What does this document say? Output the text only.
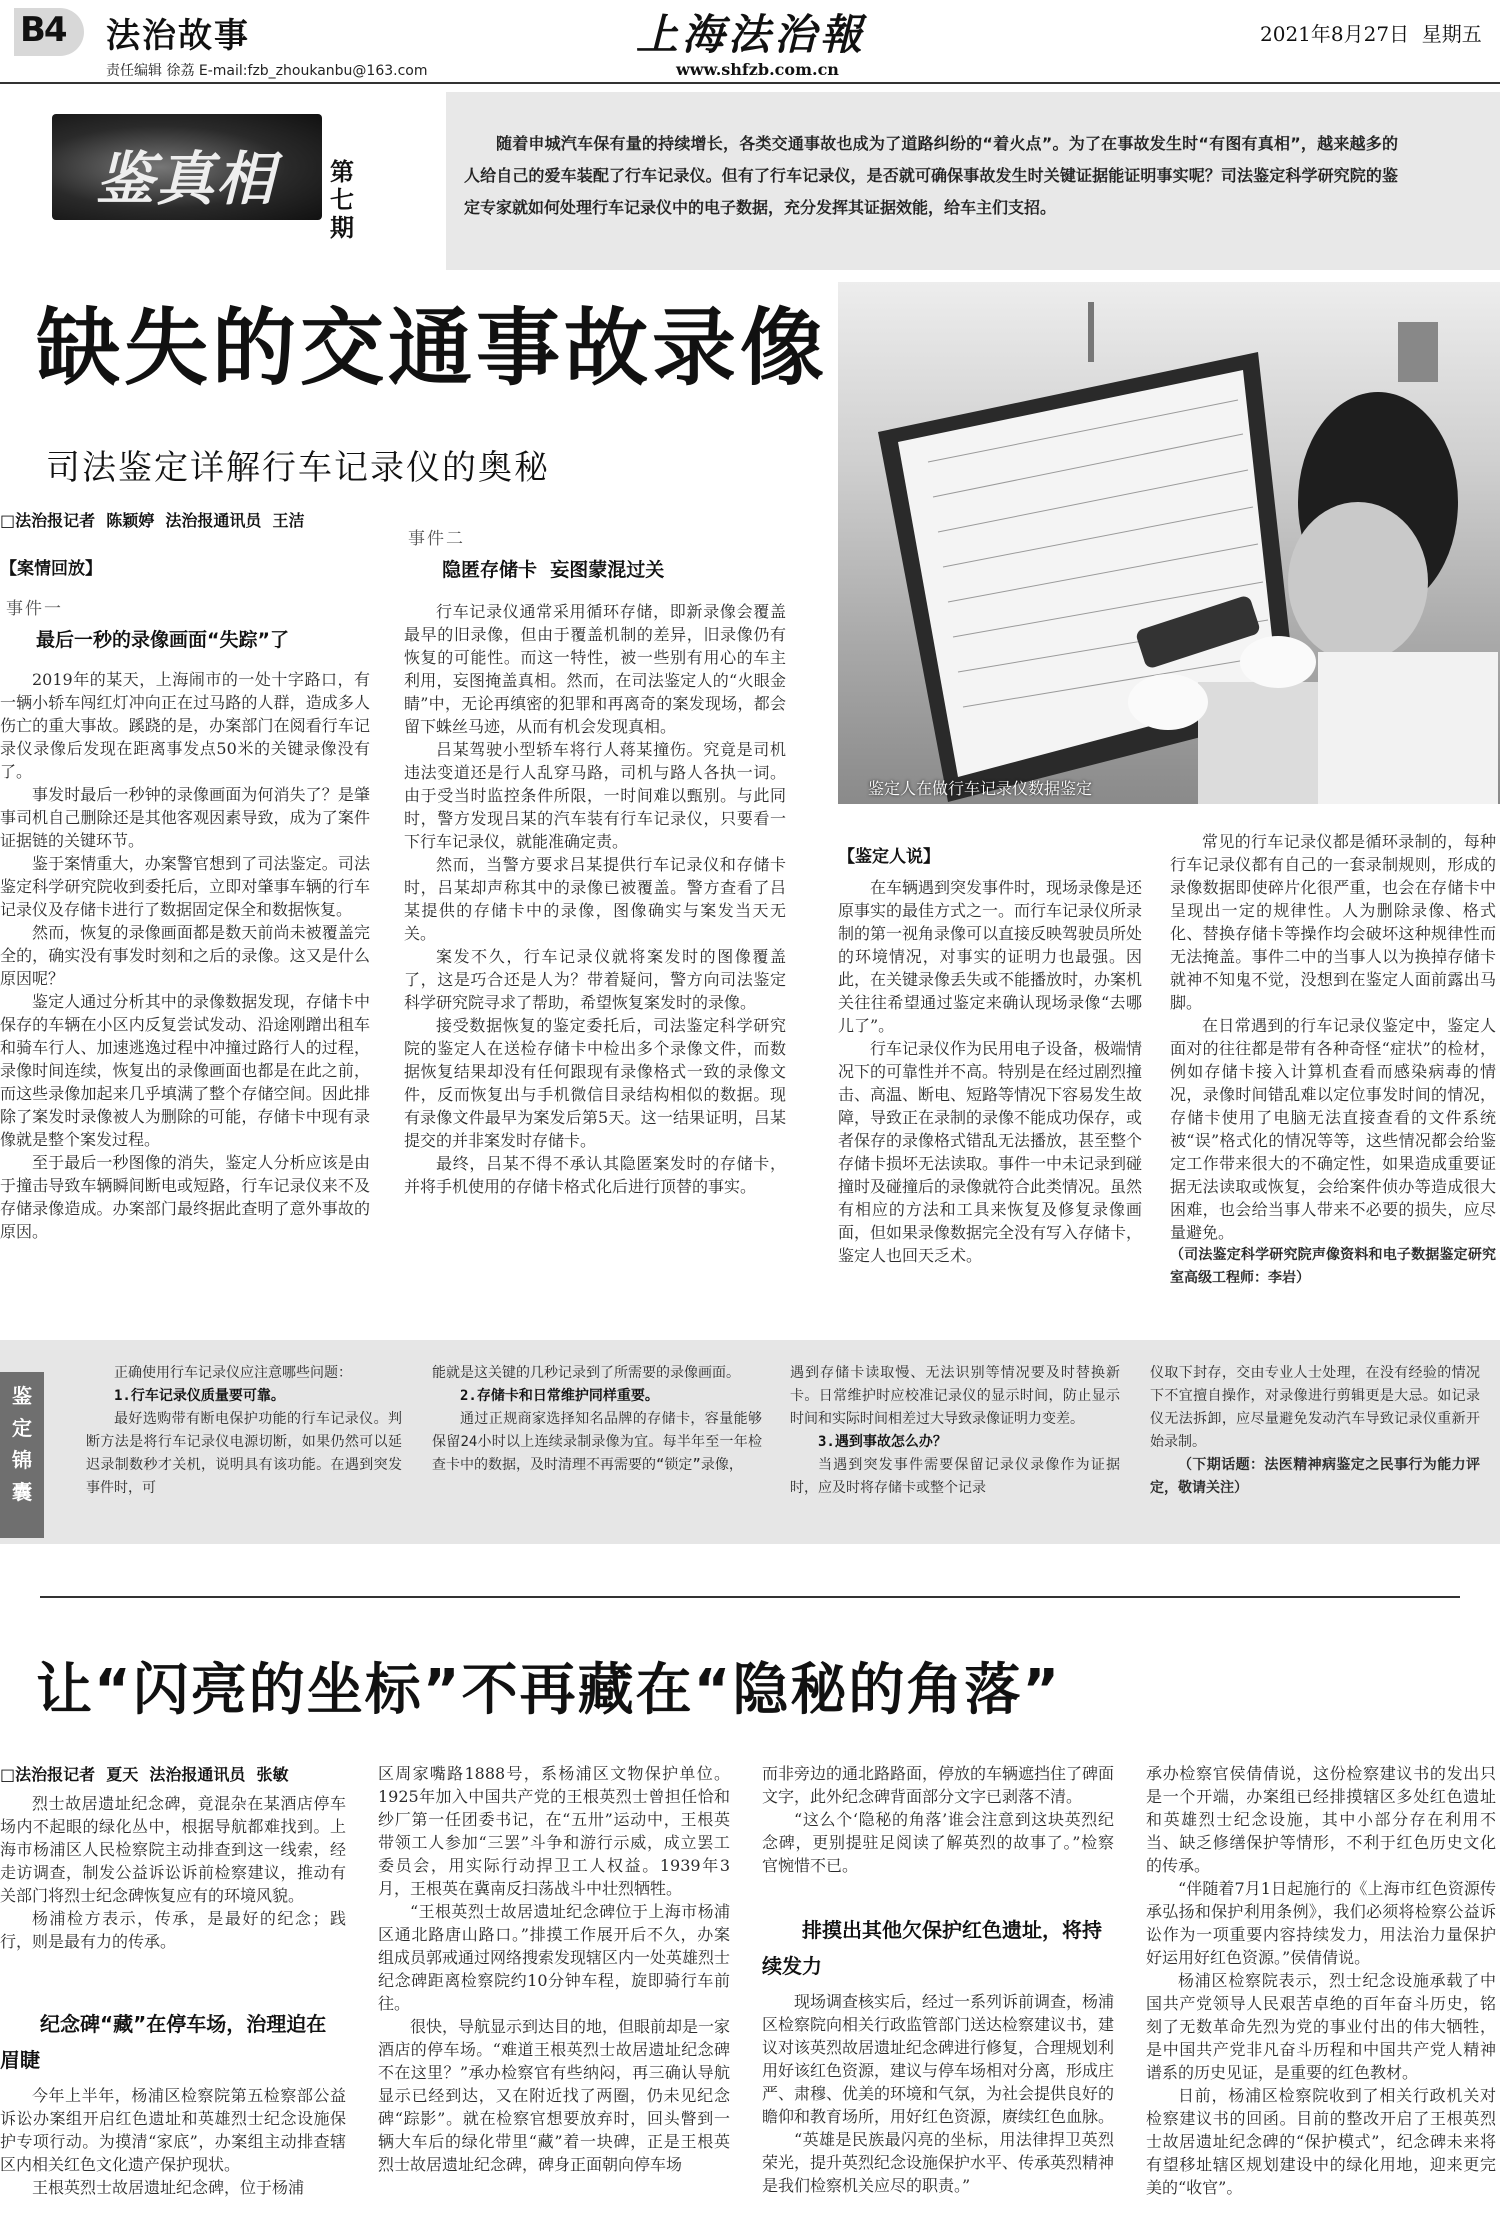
B4 法治故事
责任编辑 徐荔 E-mail:fzb_zhoukanbu@163.com
上海法治報
www.shfzb.com.cn
2021年8月27日  星期五
鉴真相 第七期
随着申城汽车保有量的持续增长，各类交通事故也成为了道路纠纷的“着火点”。为了在事故发生时“有图有真相”，越来越多的人给自己的爱车装配了行车记录仪。但有了行车记录仪，是否就可确保事故发生时关键证据能证明事实呢？司法鉴定科学研究院的鉴定专家就如何处理行车记录仪中的电子数据，充分发挥其证据效能，给车主们支招。
缺失的交通事故录像
司法鉴定详解行车记录仪的奥秘
□法治报记者  陈颖婷  法治报通讯员  王洁
鉴定人在做行车记录仪数据鉴定
【案情回放】
事件一
最后一秒的录像画面“失踪”了

2019年的某天，上海闹市的一处十字路口，有一辆小轿车闯红灯冲向正在过马路的人群，造成多人伤亡的重大事故。蹊跷的是，办案部门在阅看行车记录仪录像后发现在距离事发点50米的关键录像没有了。

事发时最后一秒钟的录像画面为何消失了？是肇事司机自己删除还是其他客观因素导致，成为了案件证据链的关键环节。

鉴于案情重大，办案警官想到了司法鉴定。司法鉴定科学研究院收到委托后，立即对肇事车辆的行车记录仪及存储卡进行了数据固定保全和数据恢复。

然而，恢复的录像画面都是数天前尚未被覆盖完全的，确实没有事发时刻和之后的录像。这又是什么原因呢？

鉴定人通过分析其中的录像数据发现，存储卡中保存的车辆在小区内反复尝试发动、沿途刚蹭出租车和骑车行人、加速逃逸过程中冲撞过路行人的过程，录像时间连续，恢复出的录像画面也都是在此之前，而这些录像加起来几乎填满了整个存储空间。因此排除了案发时录像被人为删除的可能，存储卡中现有录像就是整个案发过程。

至于最后一秒图像的消失，鉴定人分析应该是由于撞击导致车辆瞬间断电或短路，行车记录仪来不及存储录像造成。办案部门最终据此查明了意外事故的原因。

事件二
隐匿存储卡  妄图蒙混过关

行车记录仪通常采用循环存储，即新录像会覆盖最早的旧录像，但由于覆盖机制的差异，旧录像仍有恢复的可能性。而这一特性，被一些别有用心的车主利用，妄图掩盖真相。然而，在司法鉴定人的“火眼金睛”中，无论再缜密的犯罪和再离奇的案发现场，都会留下蛛丝马迹，从而有机会发现真相。

吕某驾驶小型轿车将行人蒋某撞伤。究竟是司机违法变道还是行人乱穿马路，司机与路人各执一词。由于受当时监控条件所限，一时间难以甄别。与此同时，警方发现吕某的汽车装有行车记录仪，只要看一下行车记录仪，就能准确定责。

然而，当警方要求吕某提供行车记录仪和存储卡时，吕某却声称其中的录像已被覆盖。警方查看了吕某提供的存储卡中的录像，图像确实与案发当天无关。

案发不久，行车记录仪就将案发时的图像覆盖了，这是巧合还是人为？带着疑问，警方向司法鉴定科学研究院寻求了帮助，希望恢复案发时的录像。

接受数据恢复的鉴定委托后，司法鉴定科学研究院的鉴定人在送检存储卡中检出多个录像文件，而数据恢复结果却没有任何跟现有录像格式一致的录像文件，反而恢复出与手机微信目录结构相似的数据。现有录像文件最早为案发后第5天。这一结果证明，吕某提交的并非案发时存储卡。

最终，吕某不得不承认其隐匿案发时的存储卡，并将手机使用的存储卡格式化后进行顶替的事实。

【鉴定人说】

在车辆遇到突发事件时，现场录像是还原事实的最佳方式之一。而行车记录仪所录制的第一视角录像可以直接反映驾驶员所处的环境情况，对事实的证明力也最强。因此，在关键录像丢失或不能播放时，办案机关往往希望通过鉴定来确认现场录像“去哪儿了”。

行车记录仪作为民用电子设备，极端情况下的可靠性并不高。特别是在经过剧烈撞击、高温、断电、短路等情况下容易发生故障，导致正在录制的录像不能成功保存，或者保存的录像格式错乱无法播放，甚至整个存储卡损坏无法读取。事件一中未记录到碰撞时及碰撞后的录像就符合此类情况。虽然有相应的方法和工具来恢复及修复录像画面，但如果录像数据完全没有写入存储卡，鉴定人也回天乏术。

常见的行车记录仪都是循环录制的，每种行车记录仪都有自己的一套录制规则，形成的录像数据即使碎片化很严重，也会在存储卡中呈现出一定的规律性。人为删除录像、格式化、替换存储卡等操作均会破坏这种规律性而无法掩盖。事件二中的当事人以为换掉存储卡就神不知鬼不觉，没想到在鉴定人面前露出马脚。

在日常遇到的行车记录仪鉴定中，鉴定人面对的往往都是带有各种奇怪“症状”的检材，例如存储卡接入计算机查看而感染病毒的情况，录像时间错乱难以定位事发时间的情况，存储卡使用了电脑无法直接查看的文件系统被“误”格式化的情况等等，这些情况都会给鉴定工作带来很大的不确定性，如果造成重要证据无法读取或恢复，会给案件侦办等造成很大困难，也会给当事人带来不必要的损失，应尽量避免。

（司法鉴定科学研究院声像资料和电子数据鉴定研究室高级工程师：李岩）

鉴定锦囊

正确使用行车记录仪应注意哪些问题：

1.行车记录仪质量要可靠。

最好选购带有断电保护功能的行车记录仪。判断方法是将行车记录仪电源切断，如果仍然可以延迟录制数秒才关机，说明具有该功能。在遇到突发事件时，可

能就是这关键的几秒记录到了所需要的录像画面。

2.存储卡和日常维护同样重要。

通过正规商家选择知名品牌的存储卡，容量能够保留24小时以上连续录制录像为宜。每半年至一年检查卡中的数据，及时清理不再需要的“锁定”录像，

遇到存储卡读取慢、无法识别等情况要及时替换新卡。日常维护时应校准记录仪的显示时间，防止显示时间和实际时间相差过大导致录像证明力变差。

3.遇到事故怎么办？

当遇到突发事件需要保留记录仪录像作为证据时，应及时将存储卡或整个记录

仪取下封存，交由专业人士处理，在没有经验的情况下不宜擅自操作，对录像进行剪辑更是大忌。如记录仪无法拆卸，应尽量避免发动汽车导致记录仪重新开始录制。

（下期话题：法医精神病鉴定之民事行为能力评定，敬请关注）

让“闪亮的坐标”不再藏在“隐秘的角落”
□法治报记者  夏天  法治报通讯员  张敏

烈士故居遗址纪念碑，竟混杂在某酒店停车场内不起眼的绿化丛中，根据导航都难找到。上海市杨浦区人民检察院主动排查到这一线索，经走访调查，制发公益诉讼诉前检察建议，推动有关部门将烈士纪念碑恢复应有的环境风貌。

杨浦检方表示，传承，是最好的纪念；践行，则是最有力的传承。

纪念碑“藏”在停车场，治理迫在眉睫

今年上半年，杨浦区检察院第五检察部公益诉讼办案组开启红色遗址和英雄烈士纪念设施保护专项行动。为摸清“家底”，办案组主动排查辖区内相关红色文化遗产保护现状。

王根英烈士故居遗址纪念碑，位于杨浦

区周家嘴路1888号，系杨浦区文物保护单位。1925年加入中国共产党的王根英烈士曾担任恰和纱厂第一任团委书记，在“五卅”运动中，王根英带领工人参加“三罢”斗争和游行示威，成立罢工委员会，用实际行动捍卫工人权益。1939年3月，王根英在冀南反扫荡战斗中壮烈牺牲。

“王根英烈士故居遗址纪念碑位于上海市杨浦区通北路唐山路口。”排摸工作展开后不久，办案组成员郭戒通过网络搜索发现辖区内一处英雄烈士纪念碑距离检察院约10分钟车程，旋即骑行车前往。

很快，导航显示到达目的地，但眼前却是一家酒店的停车场。“难道王根英烈士故居遗址纪念碑不在这里？”承办检察官有些纳闷，再三确认导航显示已经到达，又在附近找了两圈，仍未见纪念碑“踪影”。就在检察官想要放弃时，回头瞥到一辆大车后的绿化带里“藏”着一块碑，正是王根英烈士故居遗址纪念碑，碑身正面朝向停车场

而非旁边的通北路路面，停放的车辆遮挡住了碑面文字，此外纪念碑背面部分文字已剥落不清。

“这么个‘隐秘的角落’谁会注意到这块英烈纪念碑，更别提驻足阅读了解英烈的故事了。”检察官惋惜不已。

排摸出其他欠保护红色遗址，将持续发力

现场调查核实后，经过一系列诉前调查，杨浦区检察院向相关行政监管部门送达检察建议书，建议对该英烈故居遗址纪念碑进行修复，合理规划利用好该红色资源，建议与停车场相对分离，形成庄严、肃穆、优美的环境和气氛，为社会提供良好的瞻仰和教育场所，用好红色资源，赓续红色血脉。

“英雄是民族最闪亮的坐标，用法律捍卫英烈荣光，提升英烈纪念设施保护水平、传承英烈精神是我们检察机关应尽的职责。”

承办检察官侯倩倩说，这份检察建议书的发出只是一个开端，办案组已经排摸辖区多处红色遗址和英雄烈士纪念设施，其中小部分存在利用不当、缺乏修缮保护等情形，不利于红色历史文化的传承。

“伴随着7月1日起施行的《上海市红色资源传承弘扬和保护利用条例》，我们必须将检察公益诉讼作为一项重要内容持续发力，用法治力量保护好运用好红色资源。”侯倩倩说。

杨浦区检察院表示，烈士纪念设施承载了中国共产党领导人民艰苦卓绝的百年奋斗历史，铭刻了无数革命先烈为党的事业付出的伟大牺牲，是中国共产党非凡奋斗历程和中国共产党人精神谱系的历史见证，是重要的红色教材。

日前，杨浦区检察院收到了相关行政机关对检察建议书的回函。目前的整改开启了王根英烈士故居遗址纪念碑的“保护模式”，纪念碑未来将有望移址辖区规划建设中的绿化用地，迎来更完美的“收官”。
